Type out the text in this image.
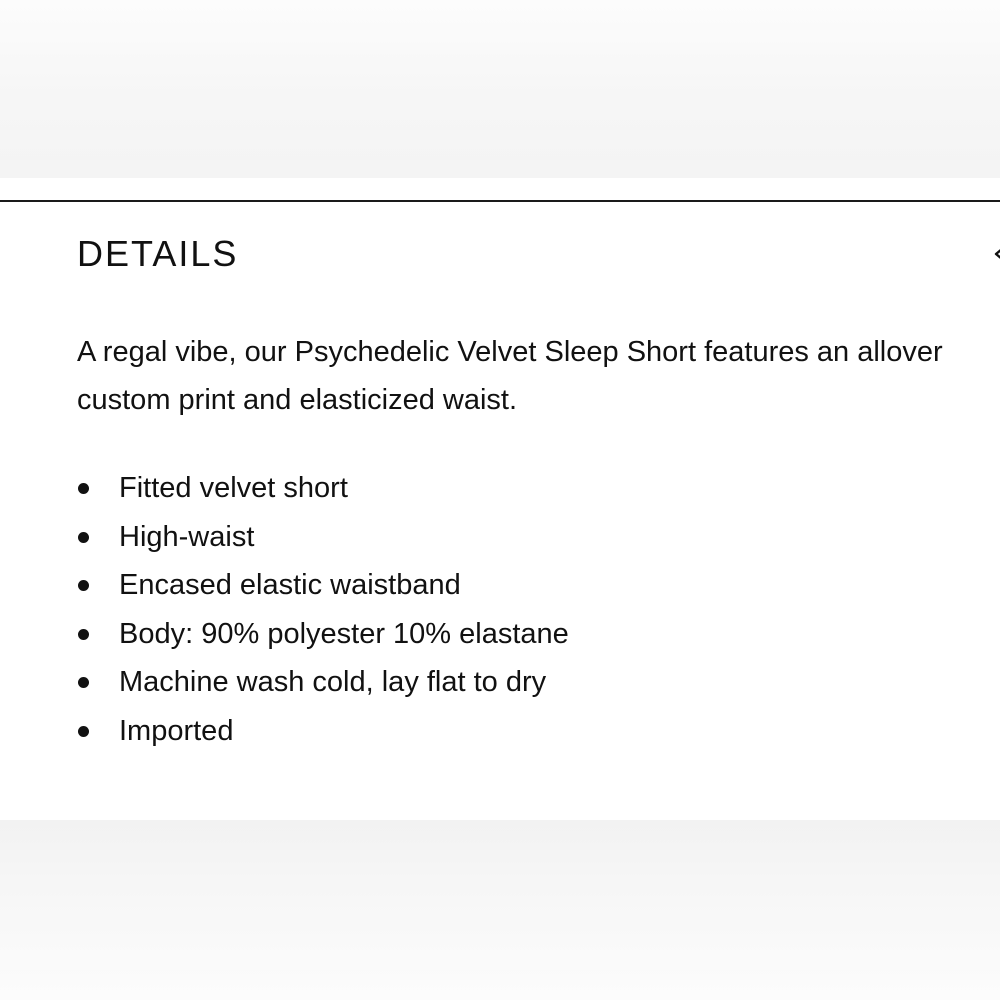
DETAILS

A regal vibe, our Psychedelic Velvet Sleep Short features an allover custom print and elasticized waist.

Fitted velvet short
High-waist
Encased elastic waistband
Body: 90% polyester 10% elastane
Machine wash cold, lay flat to dry
Imported
